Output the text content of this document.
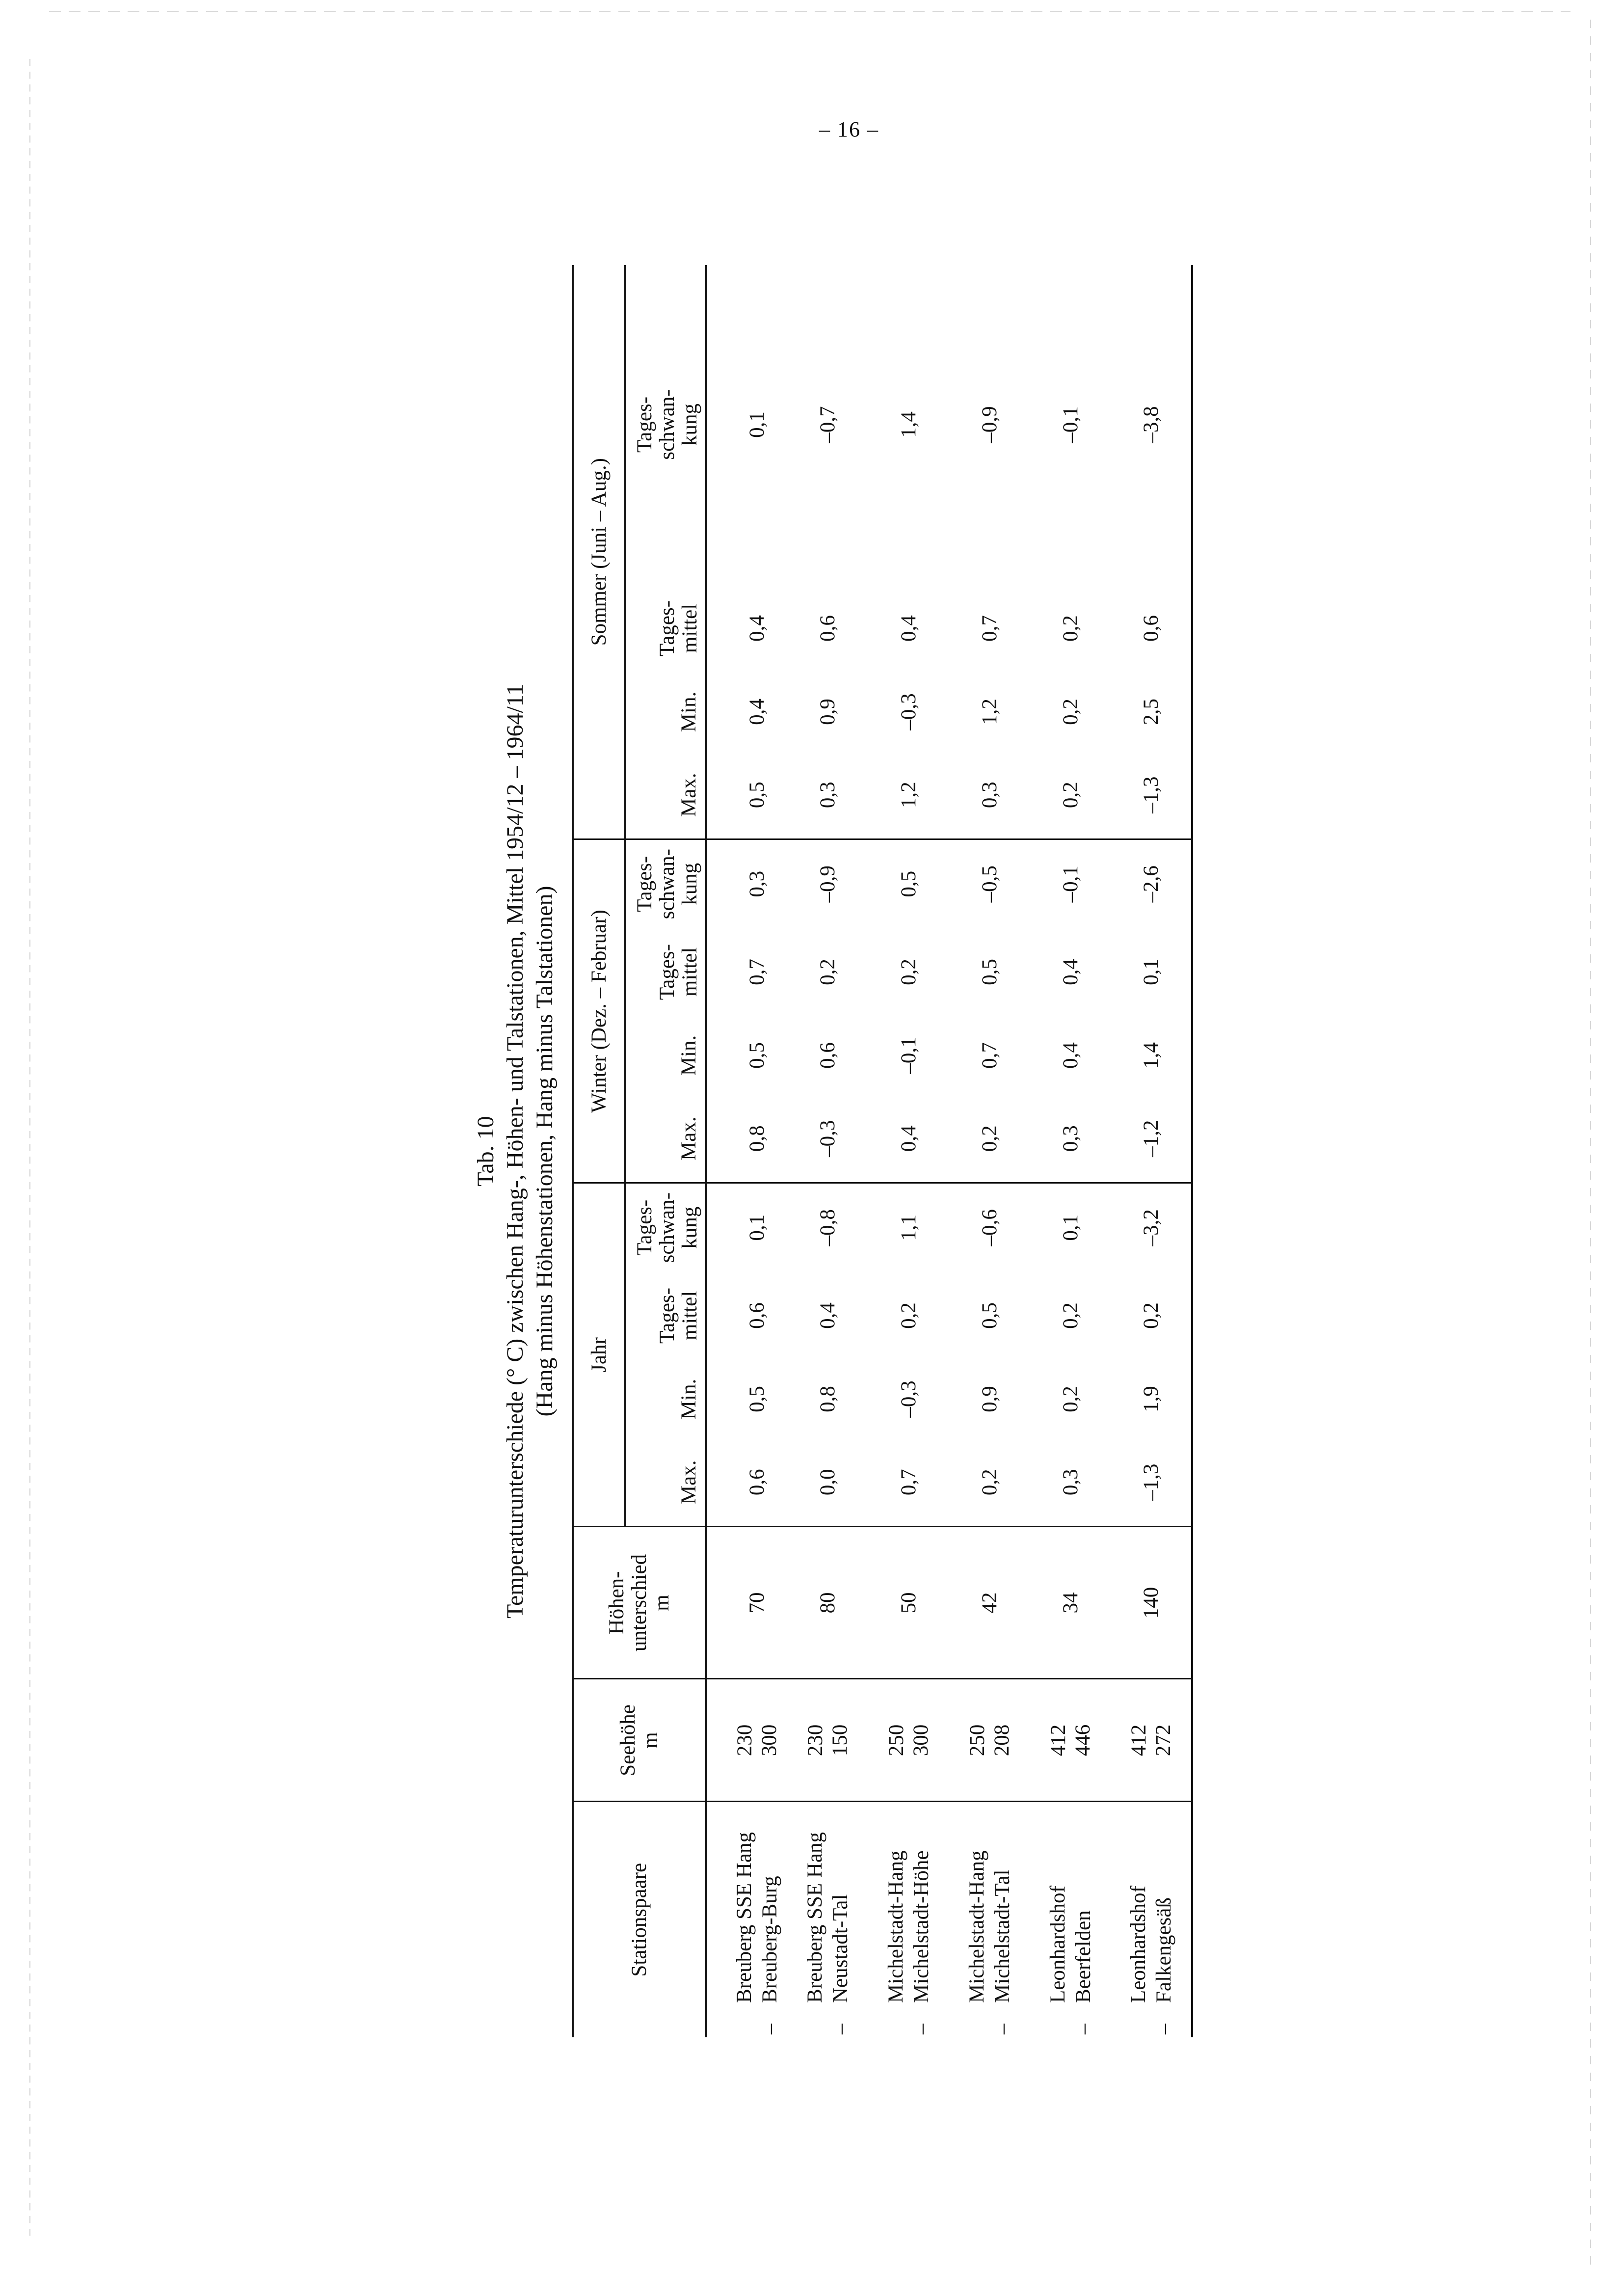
– 16 –
Tab. 10 Temperaturunterschiede (° C) zwischen Hang-, Höhen- und Talstationen, Mittel 1954/12 – 1964/11 (Hang minus Höhenstationen, Hang minus Talstationen)
Stationspaare	Seehöhe m	Höhen- unterschied m	Jahr				Winter (Dez. – Februar)				Sommer (Juni – Aug.)				
			Max.	Min.	Tages- mittel	Tages- schwan- kung	Max.	Min.	Tages- mittel	Tages- schwan- kung	Max.	Min.	Tages- mittel	Tages- schwan- kung	

Breuberg SSE Hang
–Breuberg-Burg	230 300	70	0,6	0,5	0,6	0,1	0,8	0,5	0,7	0,3	0,5	0,4	0,4	0,1	

Breuberg SSE Hang
–Neustadt-Tal	230 150	80	0,0	0,8	0,4	–0,8	–0,3	0,6	0,2	–0,9	0,3	0,9	0,6	–0,7	

Michelstadt-Hang
–Michelstadt-Höhe	250 300	50	0,7	–0,3	0,2	1,1	0,4	–0,1	0,2	0,5	1,2	–0,3	0,4	1,4	

Michelstadt-Hang
–Michelstadt-Tal	250 208	42	0,2	0,9	0,5	–0,6	0,2	0,7	0,5	–0,5	0,3	1,2	0,7	–0,9	

Leonhardshof
–Beerfelden	412 446	34	0,3	0,2	0,2	0,1	0,3	0,4	0,4	–0,1	0,2	0,2	0,2	–0,1	

Leonhardshof
–Falkengesäß	412 272	140	–1,3	1,9	0,2	–3,2	–1,2	1,4	0,1	–2,6	–1,3	2,5	0,6	–3,8	
